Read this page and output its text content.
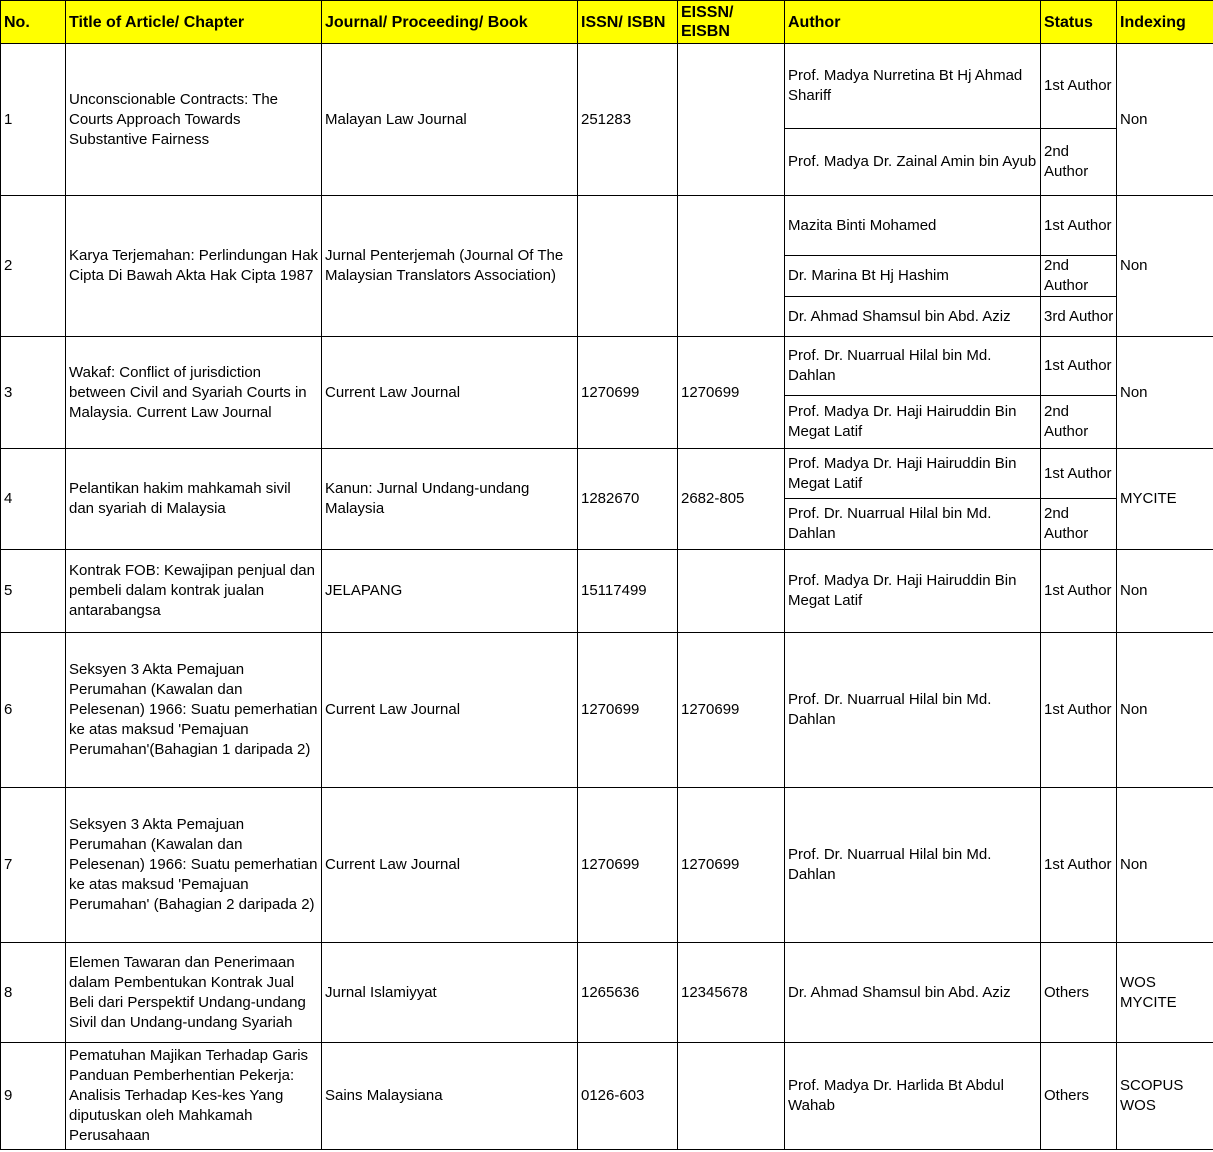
No.	Title of Article/ Chapter	Journal/ Proceeding/ Book	ISSN/ ISBN	EISSN/ EISBN	Author	Status	Indexing
1	Unconscionable Contracts: The Courts Approach Towards Substantive Fairness	Malayan Law Journal	251283		Prof. Madya Nurretina Bt Hj Ahmad Shariff	1st Author	Non
					Prof. Madya Dr. Zainal Amin bin Ayub	2nd Author	
2	Karya Terjemahan: Perlindungan Hak Cipta Di Bawah Akta Hak Cipta 1987	Jurnal Penterjemah (Journal Of The Malaysian Translators Association)			Mazita Binti Mohamed	1st Author	Non
					Dr. Marina Bt Hj Hashim	2nd Author	
					Dr. Ahmad Shamsul bin Abd. Aziz	3rd Author	
3	Wakaf: Conflict of jurisdiction between Civil and Syariah Courts in Malaysia. Current Law Journal	Current Law Journal	1270699	1270699	Prof. Dr. Nuarrual Hilal bin Md. Dahlan	1st Author	Non
					Prof. Madya Dr. Haji Hairuddin Bin Megat Latif	2nd Author	
4	Pelantikan hakim mahkamah sivil dan syariah di Malaysia	Kanun: Jurnal Undang-undang Malaysia	1282670	2682-805	Prof. Madya Dr. Haji Hairuddin Bin Megat Latif	1st Author	MYCITE
					Prof. Dr. Nuarrual Hilal bin Md. Dahlan	2nd Author	
5	Kontrak FOB: Kewajipan penjual dan pembeli dalam kontrak jualan antarabangsa	JELAPANG	15117499		Prof. Madya Dr. Haji Hairuddin Bin Megat Latif	1st Author	Non
6	Seksyen 3 Akta Pemajuan Perumahan (Kawalan dan Pelesenan) 1966: Suatu pemerhatian ke atas maksud 'Pemajuan Perumahan'(Bahagian 1 daripada 2)	Current Law Journal	1270699	1270699	Prof. Dr. Nuarrual Hilal bin Md. Dahlan	1st Author	Non
7	Seksyen 3 Akta Pemajuan Perumahan (Kawalan dan Pelesenan) 1966: Suatu pemerhatian ke atas maksud 'Pemajuan Perumahan' (Bahagian 2 daripada 2)	Current Law Journal	1270699	1270699	Prof. Dr. Nuarrual Hilal bin Md. Dahlan	1st Author	Non
8	Elemen Tawaran dan Penerimaan dalam Pembentukan Kontrak Jual Beli dari Perspektif Undang-undang Sivil dan Undang-undang Syariah	Jurnal Islamiyyat	1265636	12345678	Dr. Ahmad Shamsul bin Abd. Aziz	Others	WOS
MYCITE
9	Pematuhan Majikan Terhadap Garis Panduan Pemberhentian Pekerja: Analisis Terhadap Kes-kes Yang diputuskan oleh Mahkamah Perusahaan	Sains Malaysiana	0126-603		Prof. Madya Dr. Harlida Bt Abdul Wahab	Others	SCOPUS
WOS
